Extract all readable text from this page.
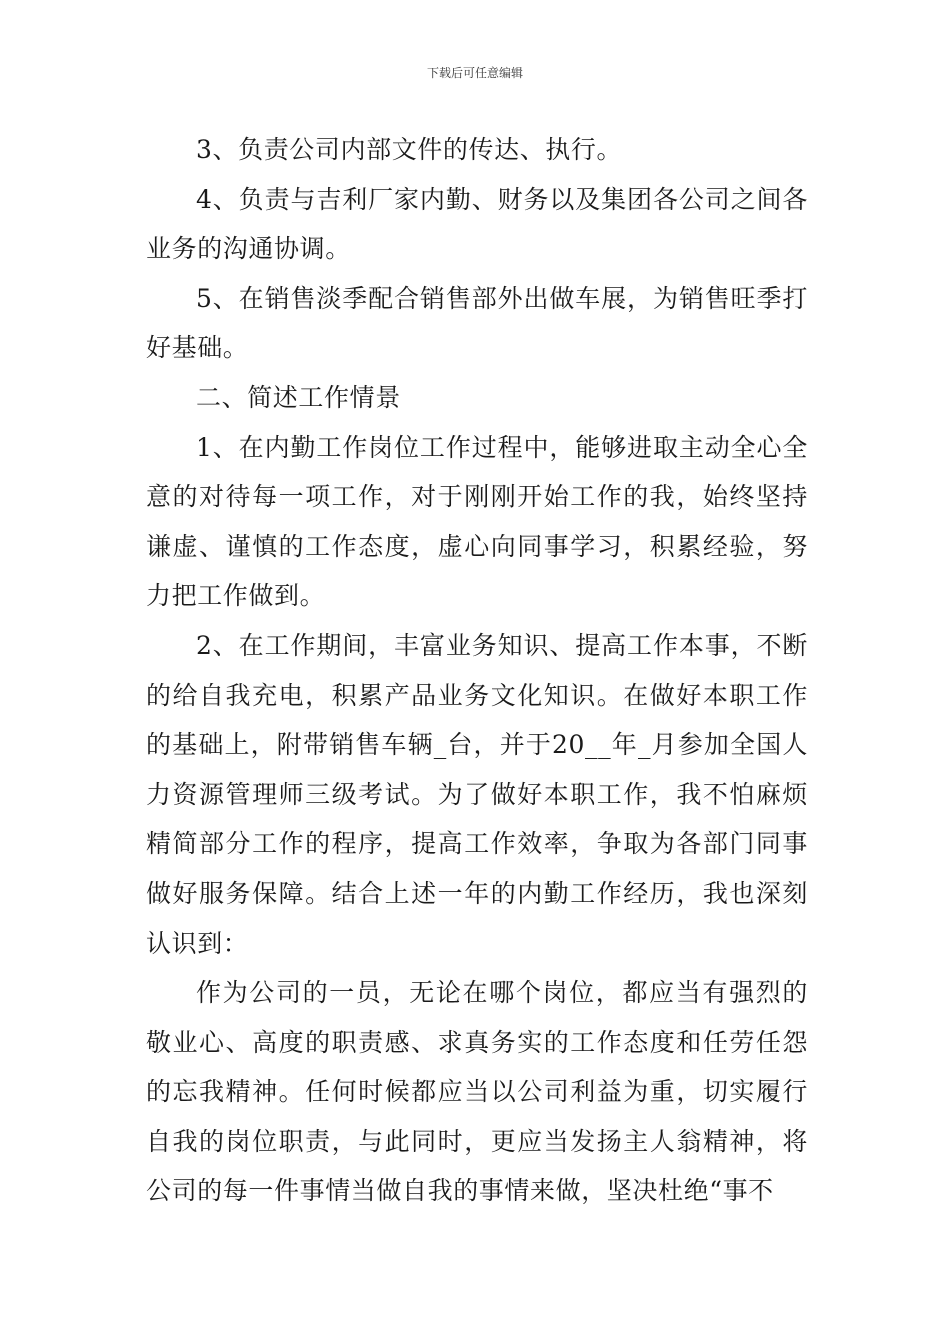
下载后可任意编辑

3、负责公司内部文件的传达、执行。

4、负责与吉利厂家内勤、财务以及集团各公司之间各业务的沟通协调。

5、在销售淡季配合销售部外出做车展，为销售旺季打好基础。

二、简述工作情景

1、在内勤工作岗位工作过程中，能够进取主动全心全意的对待每一项工作，对于刚刚开始工作的我，始终坚持谦虚、谨慎的工作态度，虚心向同事学习，积累经验，努力把工作做到。

2、在工作期间，丰富业务知识、提高工作本事，不断的给自我充电，积累产品业务文化知识。在做好本职工作的基础上，附带销售车辆_台，并于20__年_月参加全国人力资源管理师三级考试。为了做好本职工作，我不怕麻烦精简部分工作的程序，提高工作效率，争取为各部门同事做好服务保障。结合上述一年的内勤工作经历，我也深刻认识到：

作为公司的一员，无论在哪个岗位，都应当有强烈的敬业心、高度的职责感、求真务实的工作态度和任劳任怨的忘我精神。任何时候都应当以公司利益为重，切实履行自我的岗位职责，与此同时，更应当发扬主人翁精神，将公司的每一件事情当做自我的事情来做，坚决杜绝“事不
